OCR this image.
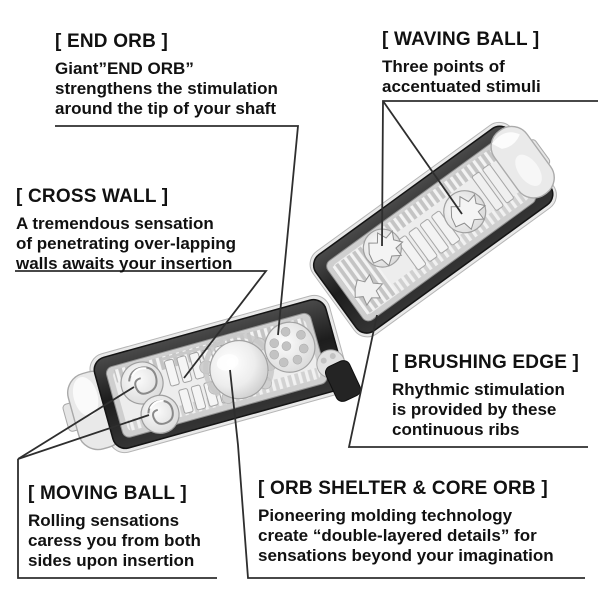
[ END ORB ]
Giant”END ORB”
strengthens the stimulation
around the tip of your shaft
[ WAVING BALL ]
Three points of
accentuated stimuli
[ CROSS WALL ]
A tremendous sensation
of penetrating over-lapping
walls awaits your insertion
[ BRUSHING EDGE ]
Rhythmic stimulation
is provided by these
continuous ribs
[ MOVING BALL ]
Rolling sensations
caress you from both
sides upon insertion
[ ORB SHELTER & CORE ORB ]
Pioneering molding technology
create “double-layered details” for
sensations beyond your imagination
